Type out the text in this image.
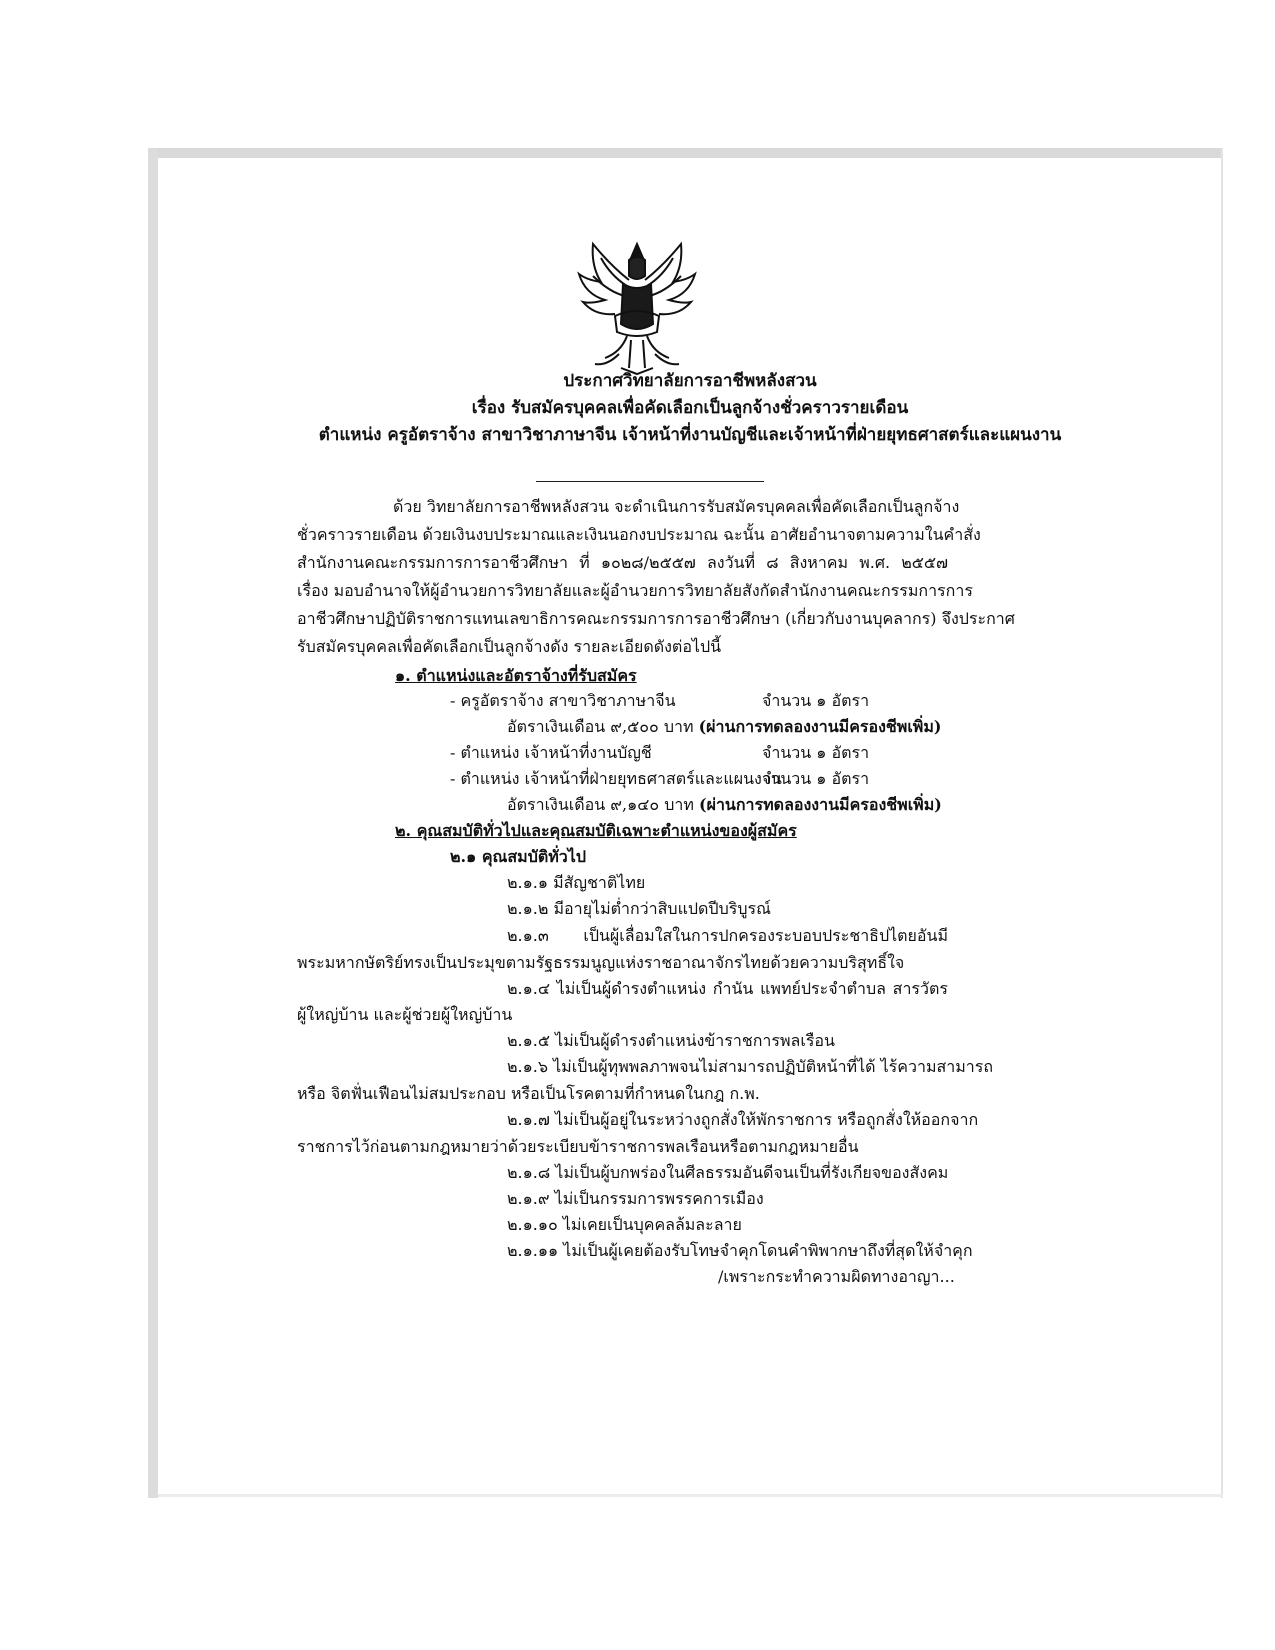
ประกาศวิทยาลัยการอาชีพหลังสวน
เรื่อง รับสมัครบุคคลเพื่อคัดเลือกเป็นลูกจ้างชั่วคราวรายเดือน
ตำแหน่ง ครูอัตราจ้าง สาขาวิชาภาษาจีน เจ้าหน้าที่งานบัญชีและเจ้าหน้าที่ฝ่ายยุทธศาสตร์และแผนงาน
ด้วย วิทยาลัยการอาชีพหลังสวน จะดำเนินการรับสมัครบุคคลเพื่อคัดเลือกเป็นลูกจ้าง
ชั่วคราวรายเดือน ด้วยเงินงบประมาณและเงินนอกงบประมาณ ฉะนั้น อาศัยอำนาจตามความในคำสั่ง
สำนักงานคณะกรรมการการอาชีวศึกษา ที่ ๑๐๒๘/๒๕๕๗ ลงวันที่ ๘ สิงหาคม พ.ศ. ๒๕๕๗
เรื่อง มอบอำนาจให้ผู้อำนวยการวิทยาลัยและผู้อำนวยการวิทยาลัยสังกัดสำนักงานคณะกรรมการการ
อาชีวศึกษาปฏิบัติราชการแทนเลขาธิการคณะกรรมการการอาชีวศึกษา (เกี่ยวกับงานบุคลากร) จึงประกาศ
รับสมัครบุคคลเพื่อคัดเลือกเป็นลูกจ้างดัง รายละเอียดดังต่อไปนี้
๑. ตำแหน่งและอัตราจ้างที่รับสมัคร
- ครูอัตราจ้าง สาขาวิชาภาษาจีน	จำนวน ๑ อัตรา
อัตราเงินเดือน ๙,๕๐๐ บาท (ผ่านการทดลองงานมีครองชีพเพิ่ม)
- ตำแหน่ง เจ้าหน้าที่งานบัญชี	จำนวน ๑ อัตรา
- ตำแหน่ง เจ้าหน้าที่ฝ่ายยุทธศาสตร์และแผนงาน
จำนวน ๑ อัตรา
อัตราเงินเดือน ๙,๑๔๐ บาท (ผ่านการทดลองงานมีครองชีพเพิ่ม)
๒. คุณสมบัติทั่วไปและคุณสมบัติเฉพาะตำแหน่งของผู้สมัคร
๒.๑ คุณสมบัติทั่วไป
๒.๑.๑ มีสัญชาติไทย
๒.๑.๒ มีอายุไม่ต่ำกว่าสิบแปดปีบริบูรณ์
๒.๑.๓ เป็นผู้เลื่อมใสในการปกครองระบอบประชาธิปไตยอันมี
พระมหากษัตริย์ทรงเป็นประมุขตามรัฐธรรมนูญแห่งราชอาณาจักรไทยด้วยความบริสุทธิ์ใจ
๒.๑.๔ ไม่เป็นผู้ดำรงตำแหน่ง กำนัน แพทย์ประจำตำบล สารวัตร
ผู้ใหญ่บ้าน และผู้ช่วยผู้ใหญ่บ้าน
๒.๑.๕ ไม่เป็นผู้ดำรงตำแหน่งข้าราชการพลเรือน
๒.๑.๖ ไม่เป็นผู้ทุพพลภาพจนไม่สามารถปฏิบัติหน้าที่ได้ ไร้ความสามารถ
หรือ จิตฟั่นเฟือนไม่สมประกอบ หรือเป็นโรคตามที่กำหนดในกฎ ก.พ.
๒.๑.๗ ไม่เป็นผู้อยู่ในระหว่างถูกสั่งให้พักราชการ หรือถูกสั่งให้ออกจาก
ราชการไว้ก่อนตามกฎหมายว่าด้วยระเบียบข้าราชการพลเรือนหรือตามกฎหมายอื่น
๒.๑.๘ ไม่เป็นผู้บกพร่องในศีลธรรมอันดีจนเป็นที่รังเกียจของสังคม
๒.๑.๙ ไม่เป็นกรรมการพรรคการเมือง
๒.๑.๑๐ ไม่เคยเป็นบุคคลล้มละลาย
๒.๑.๑๑ ไม่เป็นผู้เคยต้องรับโทษจำคุกโดนคำพิพากษาถึงที่สุดให้จำคุก
/เพราะกระทำความผิดทางอาญา...
